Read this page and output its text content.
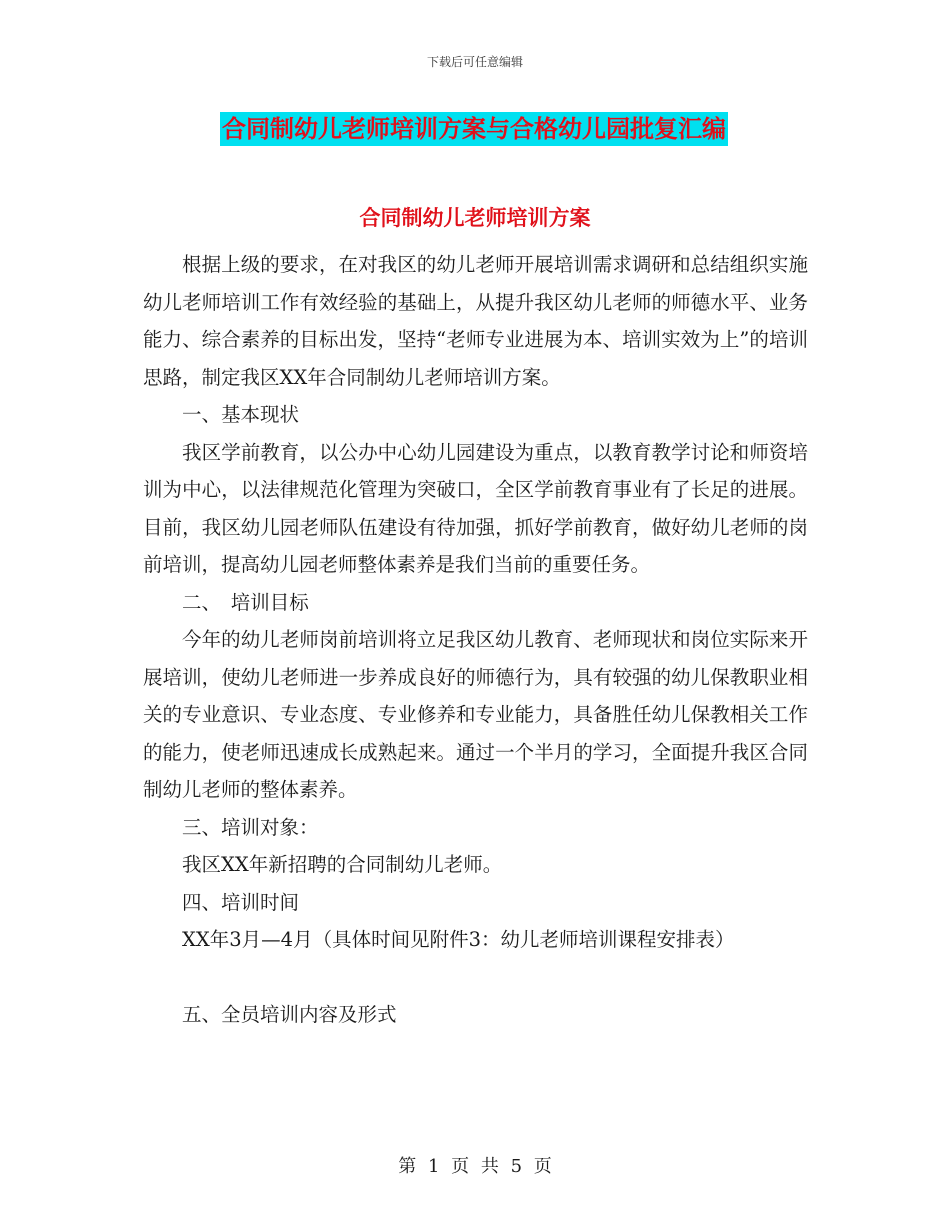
下载后可任意编辑
合同制幼儿老师培训方案与合格幼儿园批复汇编
合同制幼儿老师培训方案

根据上级的要求，在对我区的幼儿老师开展培训需求调研和总结组织实施幼儿老师培训工作有效经验的基础上，从提升我区幼儿老师的师德水平、业务能力、综合素养的目标出发，坚持“老师专业进展为本、培训实效为上”的培训思路，制定我区XX年合同制幼儿老师培训方案。

一、基本现状

我区学前教育，以公办中心幼儿园建设为重点，以教育教学讨论和师资培训为中心，以法律规范化管理为突破口，全区学前教育事业有了长足的进展。目前，我区幼儿园老师队伍建设有待加强，抓好学前教育，做好幼儿老师的岗前培训，提高幼儿园老师整体素养是我们当前的重要任务。

二、　培训目标

今年的幼儿老师岗前培训将立足我区幼儿教育、老师现状和岗位实际来开展培训，使幼儿老师进一步养成良好的师德行为，具有较强的幼儿保教职业相关的专业意识、专业态度、专业修养和专业能力，具备胜任幼儿保教相关工作的能力，使老师迅速成长成熟起来。通过一个半月的学习，全面提升我区合同制幼儿老师的整体素养。

三、培训对象：

我区XX年新招聘的合同制幼儿老师。

四、培训时间

XX年3月—4月（具体时间见附件3：幼儿老师培训课程安排表）

五、全员培训内容及形式

第 1 页 共 5 页
